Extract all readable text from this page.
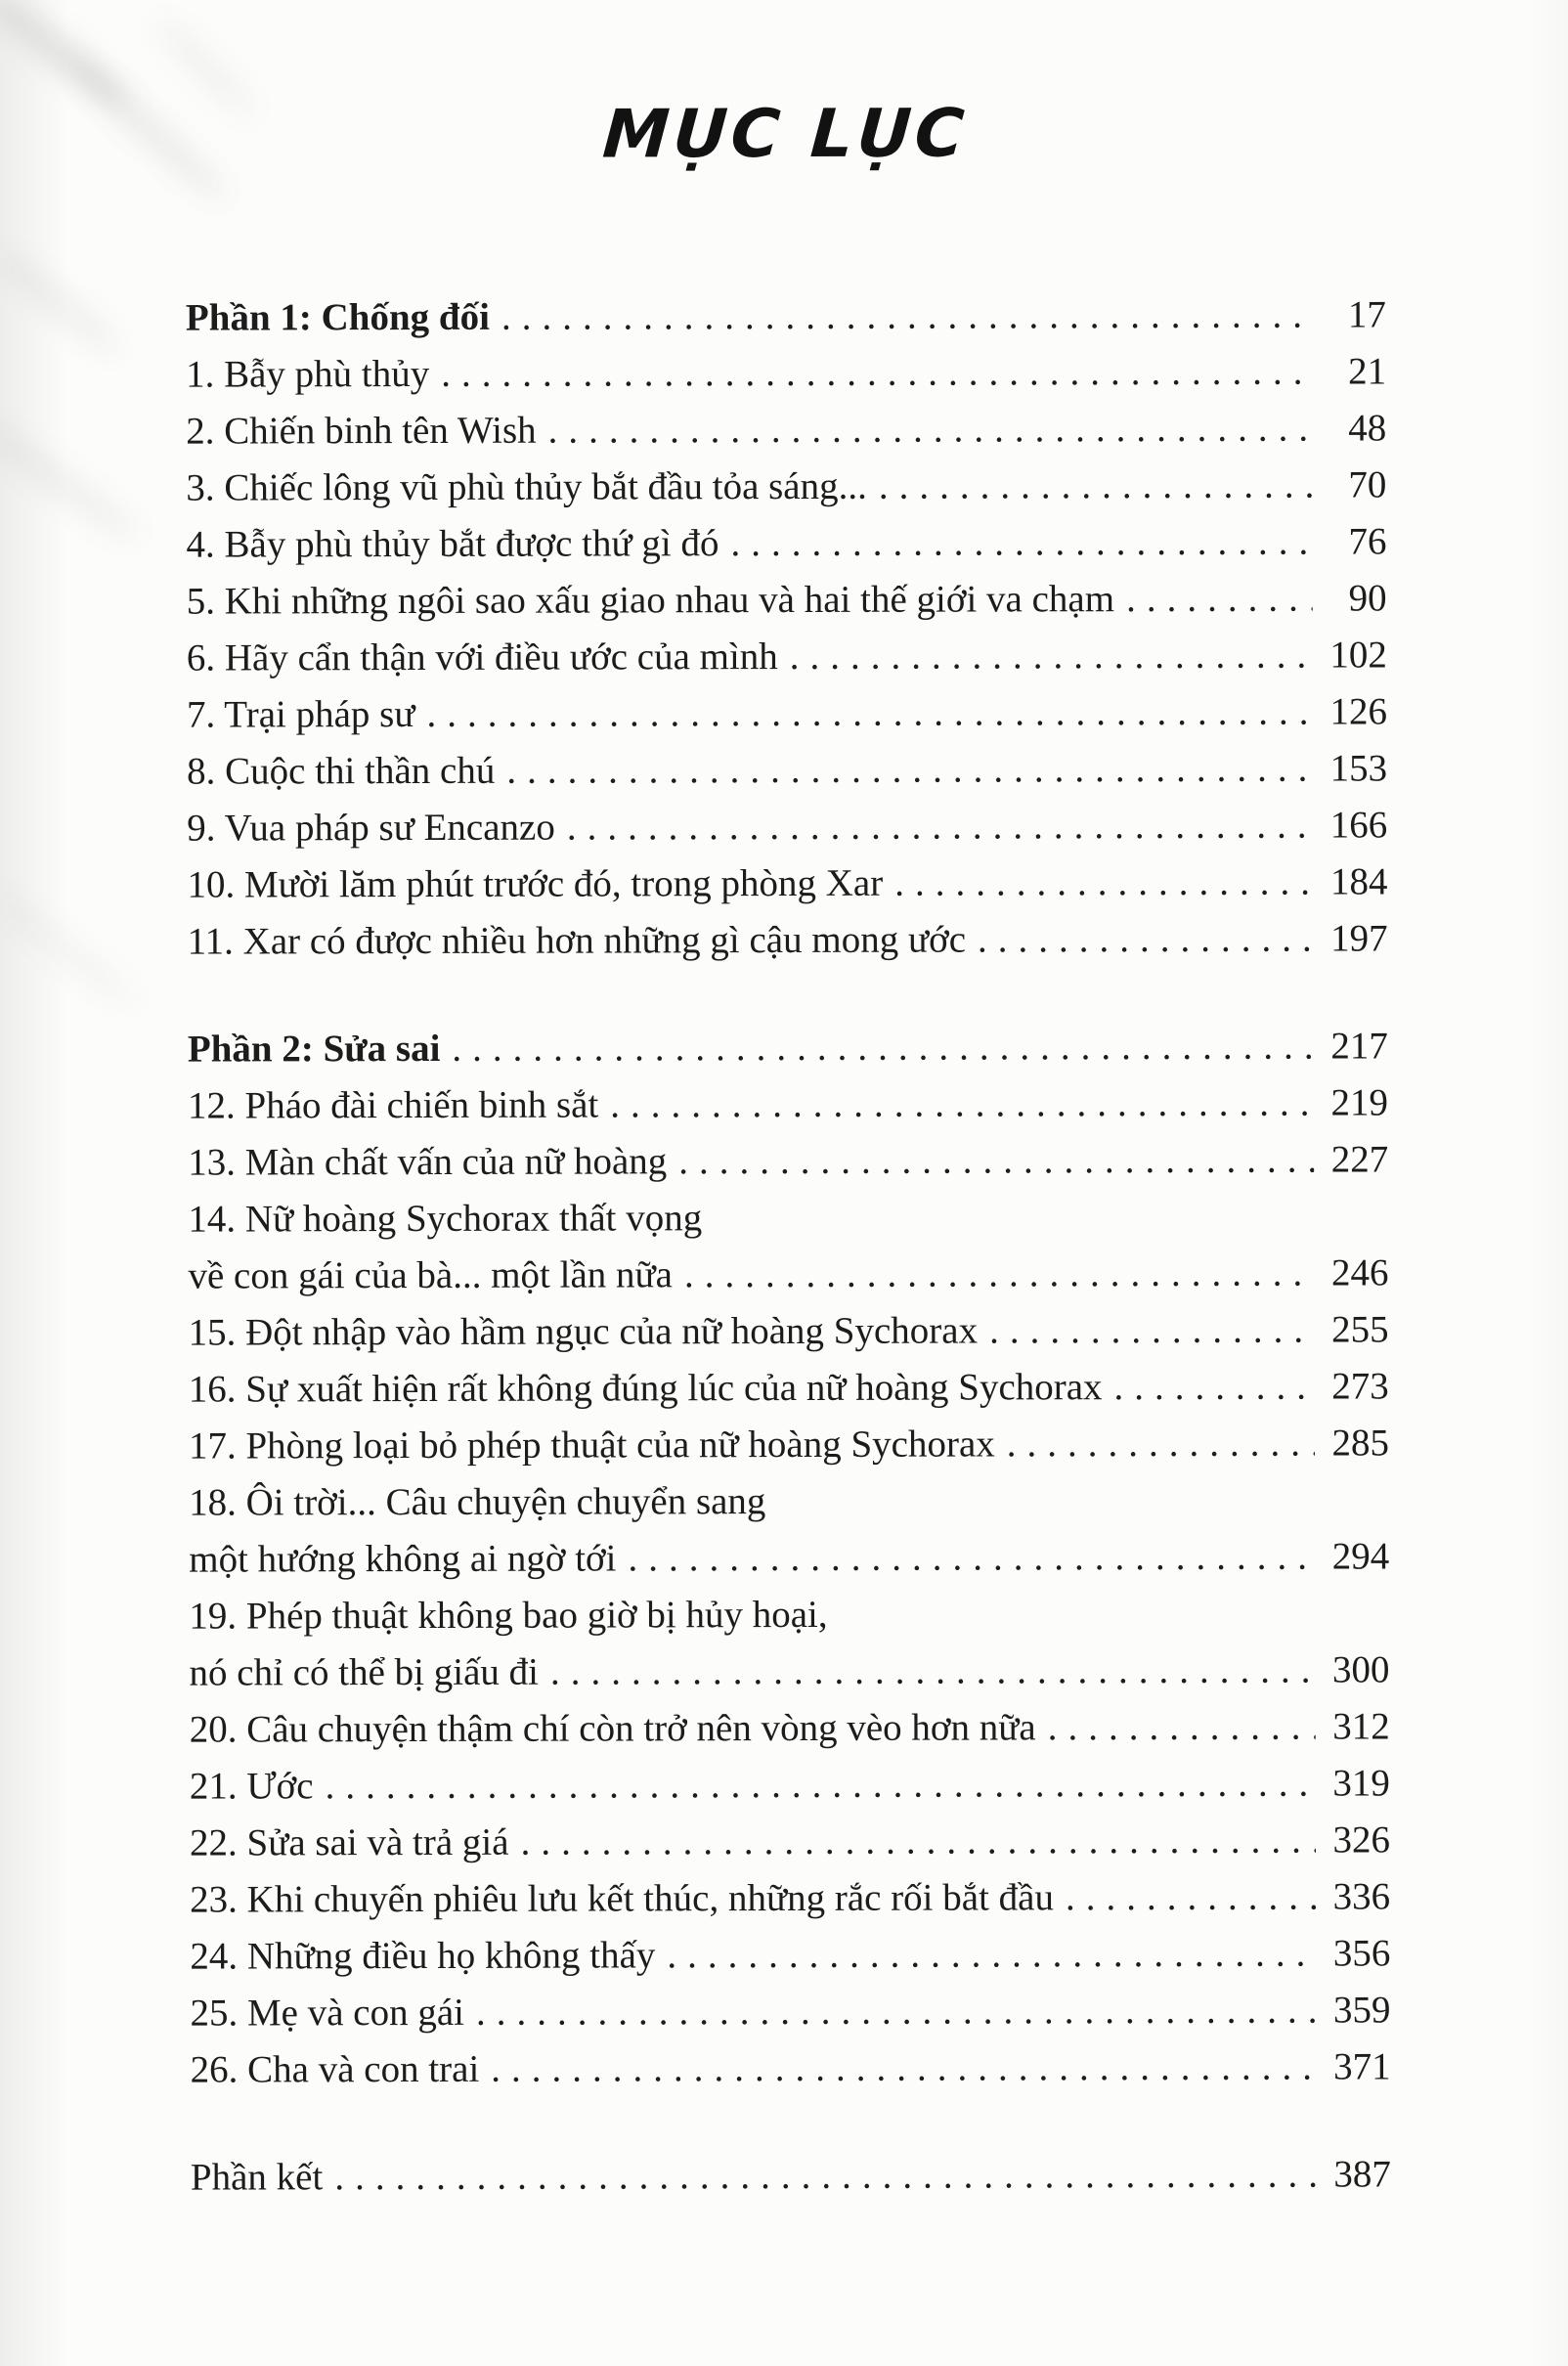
MỤC LỤC
Phần 1: Chống đối .....	17
1. Bẫy phù thủy .....	21
2. Chiến binh tên Wish .....	48
3. Chiếc lông vũ phù thủy bắt đầu tỏa sáng... .....	70
4. Bẫy phù thủy bắt được thứ gì đó .....	76
5. Khi những ngôi sao xấu giao nhau và hai thế giới va chạm .....	90
6. Hãy cẩn thận với điều ước của mình .....	102
7. Trại pháp sư .....	126
8. Cuộc thi thần chú .....	153
9. Vua pháp sư Encanzo .....	166
10. Mười lăm phút trước đó, trong phòng Xar .....	184
11. Xar có được nhiều hơn những gì cậu mong ước .....	197
Phần 2: Sửa sai .....	217
12. Pháo đài chiến binh sắt .....	219
13. Màn chất vấn của nữ hoàng .....	227
14. Nữ hoàng Sychorax thất vọng
về con gái của bà... một lần nữa .....	246
15. Đột nhập vào hầm ngục của nữ hoàng Sychorax .....	255
16. Sự xuất hiện rất không đúng lúc của nữ hoàng Sychorax .....	273
17. Phòng loại bỏ phép thuật của nữ hoàng Sychorax .....	285
18. Ôi trời... Câu chuyện chuyển sang
một hướng không ai ngờ tới .....	294
19. Phép thuật không bao giờ bị hủy hoại,
nó chỉ có thể bị giấu đi .....	300
20. Câu chuyện thậm chí còn trở nên vòng vèo hơn nữa .....	312
21. Ước .....	319
22. Sửa sai và trả giá .....	326
23. Khi chuyến phiêu lưu kết thúc, những rắc rối bắt đầu .....	336
24. Những điều họ không thấy .....	356
25. Mẹ và con gái .....	359
26. Cha và con trai .....	371
Phần kết .....	387
